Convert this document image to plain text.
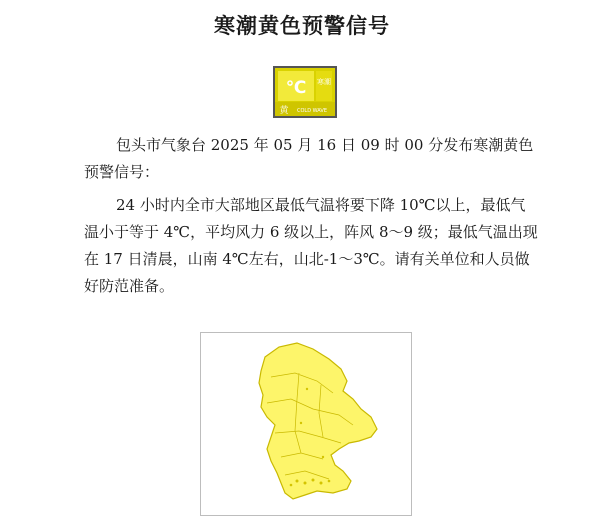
寒潮黄色预警信号
℃ 寒潮
黄 COLD WAVE

包头市气象台 2025 年 05 月 16 日 09 时 00 分发布寒潮黄色预警信号：

24 小时内全市大部地区最低气温将要下降 10℃以上，最低气温小于等于 4℃，平均风力 6 级以上，阵风 8～9 级；最低气温出现在 17 日清晨，山南 4℃左右，山北-1～3℃。请有关单位和人员做好防范准备。
